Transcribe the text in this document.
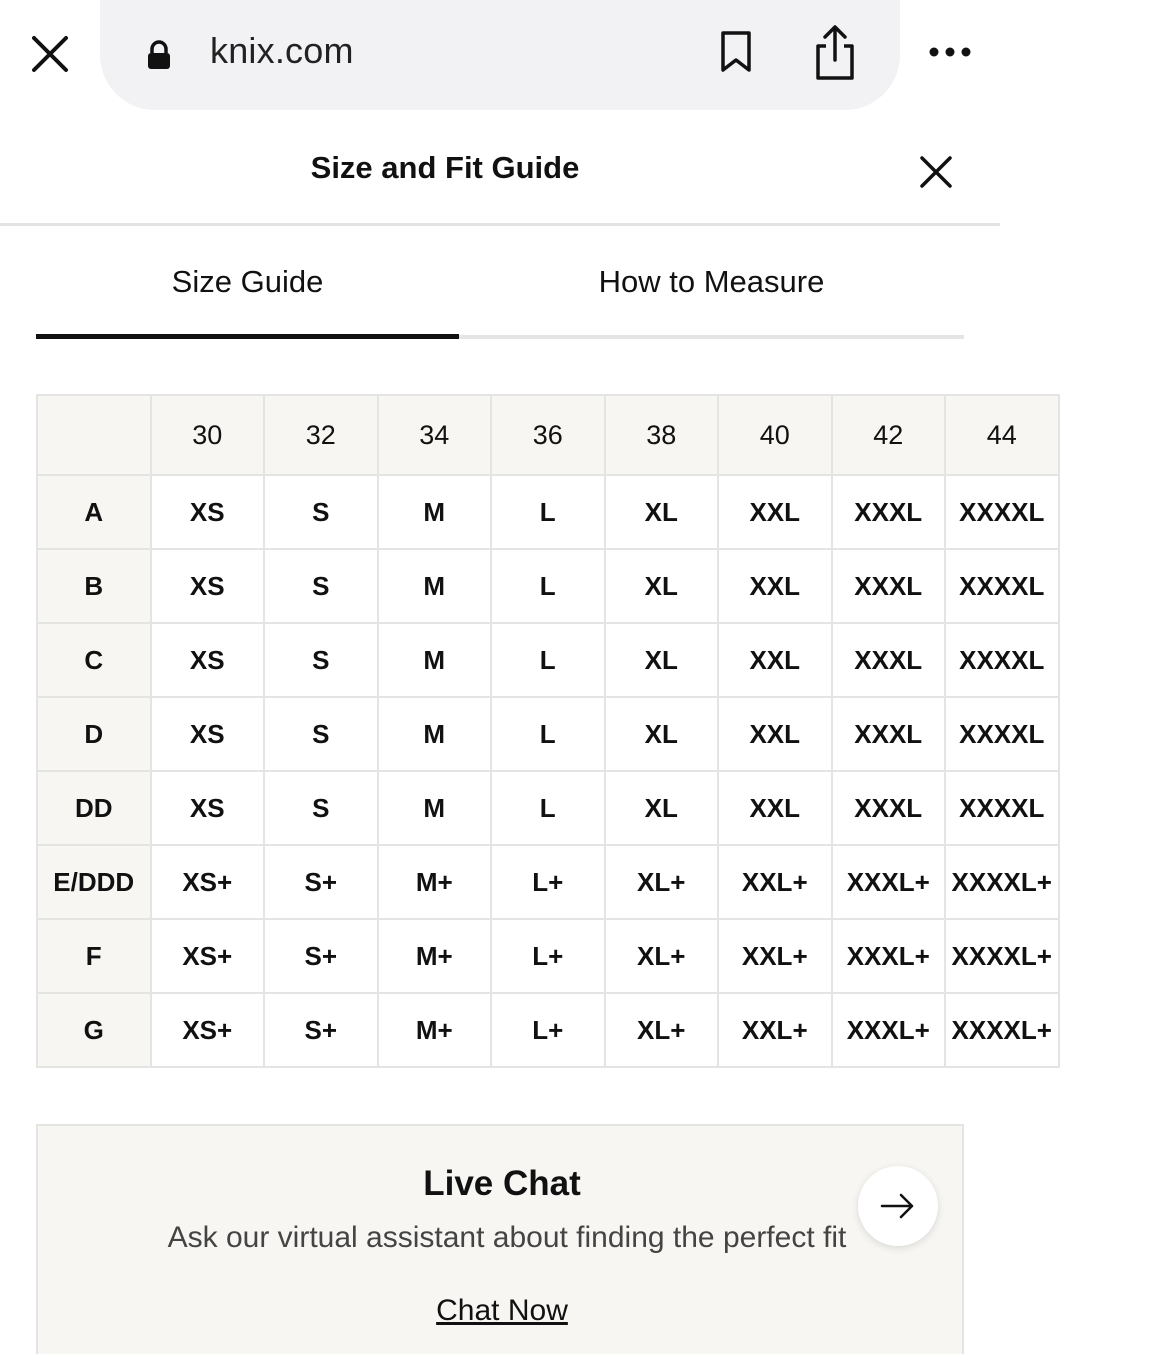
knix.com
Size and Fit Guide
Size Guide	How to Measure
	30	32	34	36	38	40	42	44
A	XS	S	M	L	XL	XXL	XXXL	XXXXL
B	XS	S	M	L	XL	XXL	XXXL	XXXXL
C	XS	S	M	L	XL	XXL	XXXL	XXXXL
D	XS	S	M	L	XL	XXL	XXXL	XXXXL
DD	XS	S	M	L	XL	XXL	XXXL	XXXXL
E/DDD	XS+	S+	M+	L+	XL+	XXL+	XXXL+	XXXXL+
F	XS+	S+	M+	L+	XL+	XXL+	XXXL+	XXXXL+
G	XS+	S+	M+	L+	XL+	XXL+	XXXL+	XXXXL+
Live Chat
Ask our virtual assistant about finding the perfect fit
Chat Now
